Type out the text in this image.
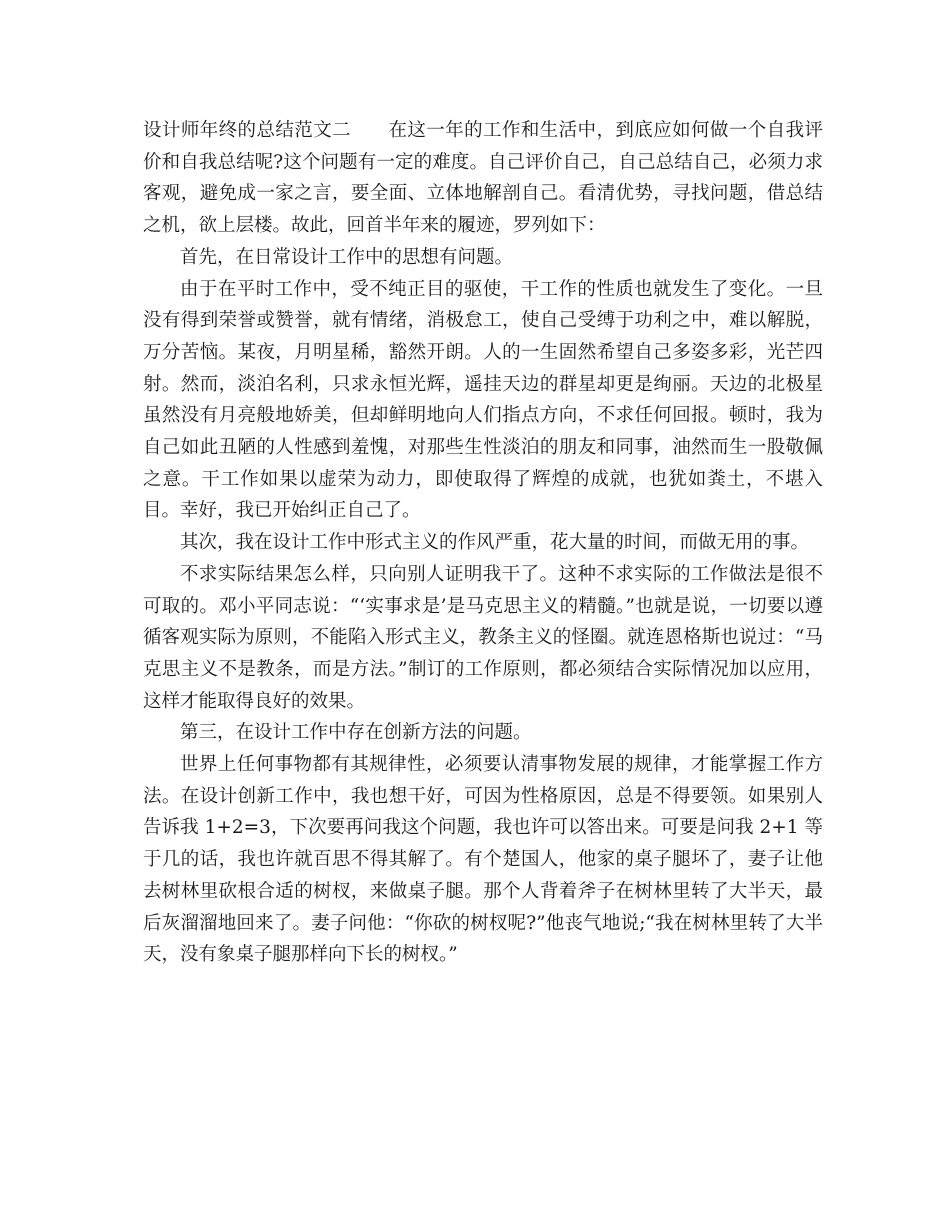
设计师年终的总结范文二 在这一年的工作和生活中，到底应如何做一个自我评价和自我总结呢?这个问题有一定的难度。自己评价自己，自己总结自己，必须力求客观，避免成一家之言，要全面、立体地解剖自己。看清优势，寻找问题，借总结之机，欲上层楼。故此，回首半年来的履迹，罗列如下：

首先，在日常设计工作中的思想有问题。

由于在平时工作中，受不纯正目的驱使，干工作的性质也就发生了变化。一旦没有得到荣誉或赞誉，就有情绪，消极怠工，使自己受缚于功利之中，难以解脱，万分苦恼。某夜，月明星稀，豁然开朗。人的一生固然希望自己多姿多彩，光芒四射。然而，淡泊名利，只求永恒光辉，遥挂天边的群星却更是绚丽。天边的北极星虽然没有月亮般地娇美，但却鲜明地向人们指点方向，不求任何回报。顿时，我为自己如此丑陋的人性感到羞愧，对那些生性淡泊的朋友和同事，油然而生一股敬佩之意。干工作如果以虚荣为动力，即使取得了辉煌的成就，也犹如粪土，不堪入目。幸好，我已开始纠正自己了。

其次，我在设计工作中形式主义的作风严重，花大量的时间，而做无用的事。

不求实际结果怎么样，只向别人证明我干了。这种不求实际的工作做法是很不可取的。邓小平同志说：“‘实事求是’是马克思主义的精髓。”也就是说，一切要以遵循客观实际为原则，不能陷入形式主义，教条主义的怪圈。就连恩格斯也说过：“马克思主义不是教条，而是方法。”制订的工作原则，都必须结合实际情况加以应用，这样才能取得良好的效果。

第三，在设计工作中存在创新方法的问题。

世界上任何事物都有其规律性，必须要认清事物发展的规律，才能掌握工作方法。在设计创新工作中，我也想干好，可因为性格原因，总是不得要领。如果别人告诉我 1+2=3，下次要再问我这个问题，我也许可以答出来。可要是问我 2+1 等于几的话，我也许就百思不得其解了。有个楚国人，他家的桌子腿坏了，妻子让他去树林里砍根合适的树杈，来做桌子腿。那个人背着斧子在树林里转了大半天，最后灰溜溜地回来了。妻子问他：“你砍的树杈呢?”他丧气地说;“我在树林里转了大半天，没有象桌子腿那样向下长的树杈。”
